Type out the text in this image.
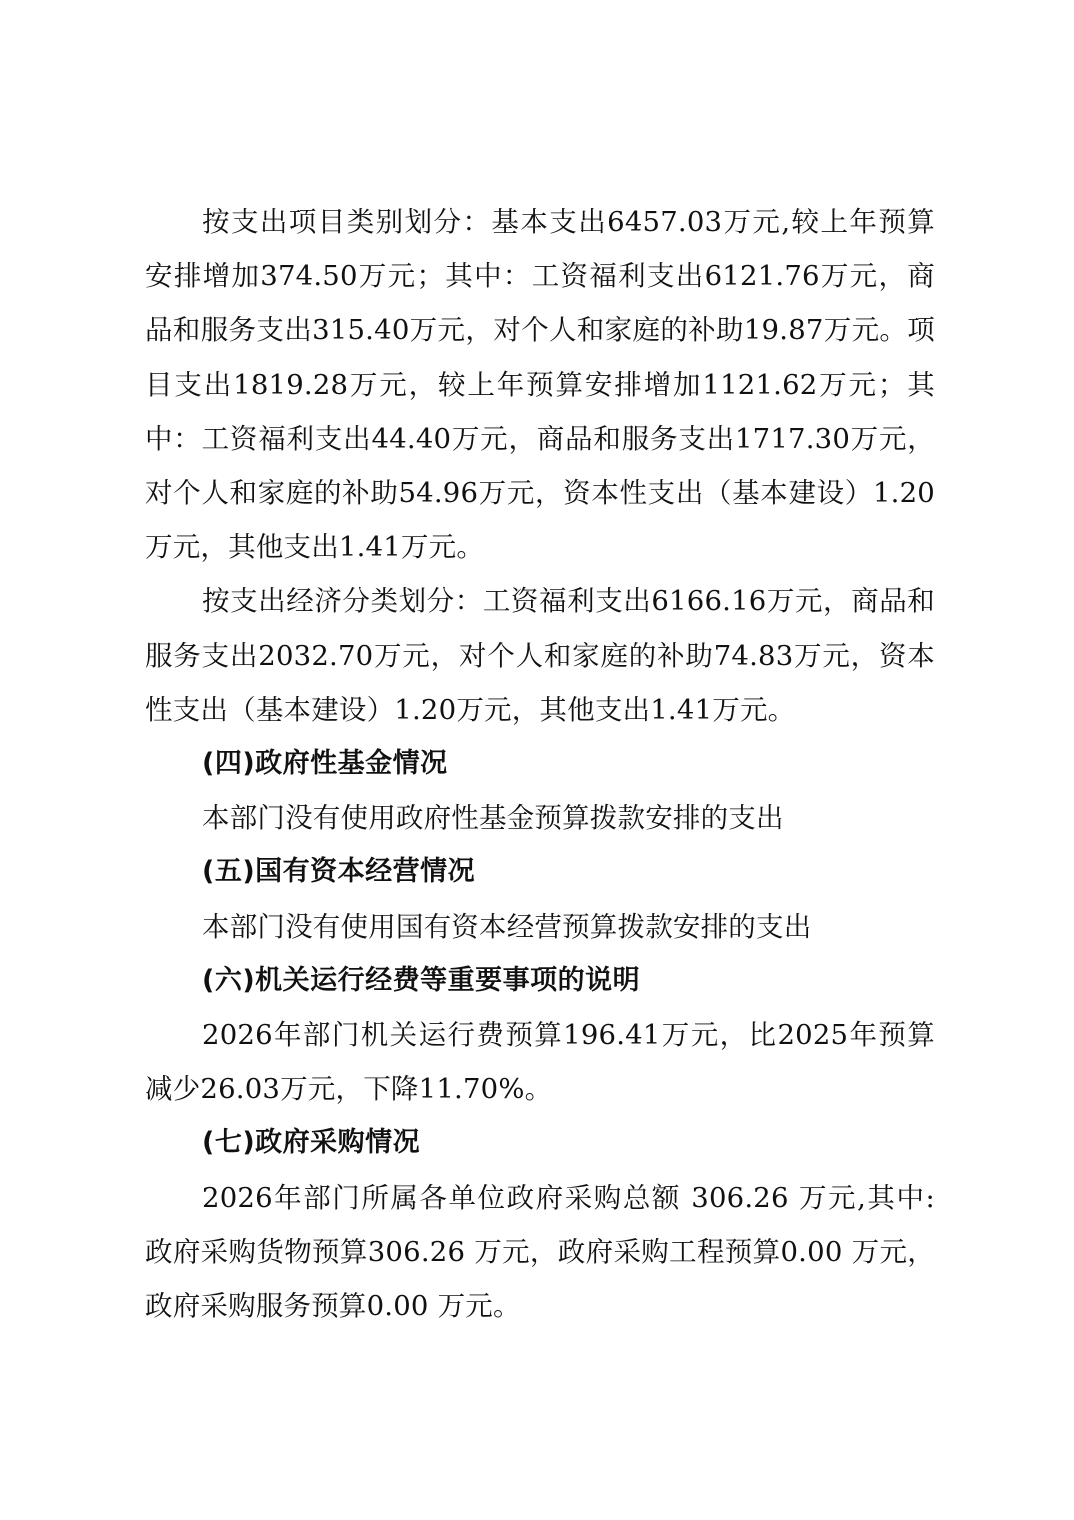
按支出项目类别划分：基本支出6457.03万元,较上年预算安排增加374.50万元；其中：工资福利支出6121.76万元，商品和服务支出315.40万元，对个人和家庭的补助19.87万元。项目支出1819.28万元，较上年预算安排增加1121.62万元；其中：工资福利支出44.40万元，商品和服务支出1717.30万元，对个人和家庭的补助54.96万元，资本性支出（基本建设）1.20万元，其他支出1.41万元。

按支出经济分类划分：工资福利支出6166.16万元，商品和服务支出2032.70万元，对个人和家庭的补助74.83万元，资本性支出（基本建设）1.20万元，其他支出1.41万元。

(四)政府性基金情况

本部门没有使用政府性基金预算拨款安排的支出

(五)国有资本经营情况

本部门没有使用国有资本经营预算拨款安排的支出

(六)机关运行经费等重要事项的说明

2026年部门机关运行费预算196.41万元，比2025年预算减少26.03万元，下降11.70%。

(七)政府采购情况

2026年部门所属各单位政府采购总额 306.26 万元,其中: 政府采购货物预算306.26 万元，政府采购工程预算0.00 万元，政府采购服务预算0.00 万元。
